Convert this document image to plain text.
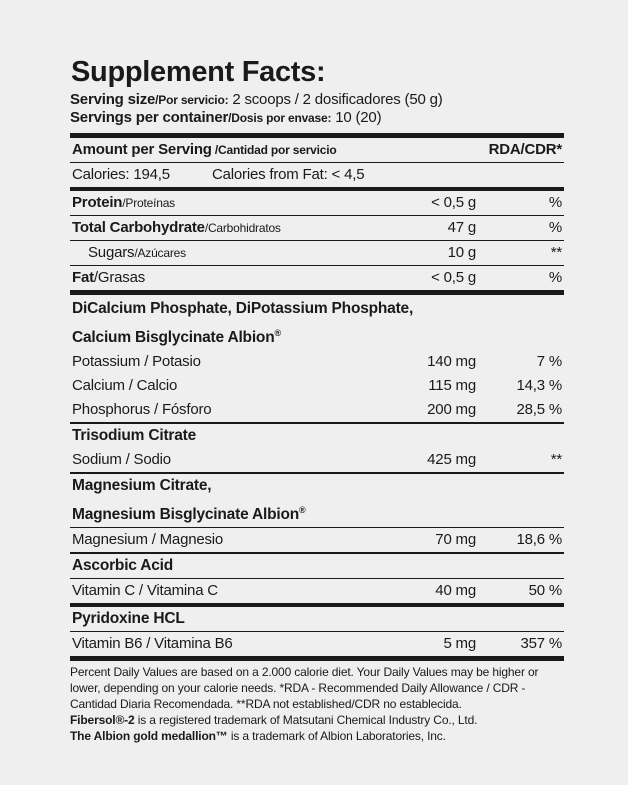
Supplement Facts:
Serving size/Por servicio: 2 scoops / 2 dosificadores (50 g)
Servings per container/Dosis por envase: 10 (20)
Amount per Serving /Cantidad por servicio	RDA/CDR*
Calories: 194,5	Calories from Fat: < 4,5
Protein/Proteínas	< 0,5 g	%
Total Carbohydrate/Carbohidratos	47 g	%
Sugars/Azúcares	10 g	**
Fat/Grasas	< 0,5 g	%
DiCalcium Phosphate, DiPotassium Phosphate,
Calcium Bisglycinate Albion®
Potassium / Potasio	140 mg	7 %
Calcium / Calcio	115 mg	14,3 %
Phosphorus / Fósforo	200 mg	28,5 %
Trisodium Citrate
Sodium / Sodio	425 mg	**
Magnesium Citrate,
Magnesium Bisglycinate Albion®
Magnesium / Magnesio	70 mg	18,6 %
Ascorbic Acid
Vitamin C / Vitamina C	40 mg	50 %
Pyridoxine HCL
Vitamin B6 / Vitamina B6	5 mg	357 %
Percent Daily Values are based on a 2.000 calorie diet. Your Daily Values may be higher or lower, depending on your calorie needs. *RDA - Recommended Daily Allowance / CDR - Cantidad Diaria Recomendada. **RDA not established/CDR no establecida.
Fibersol®-2 is a registered trademark of Matsutani Chemical Industry Co., Ltd.
The Albion gold medallion™ is a trademark of Albion Laboratories, Inc.
